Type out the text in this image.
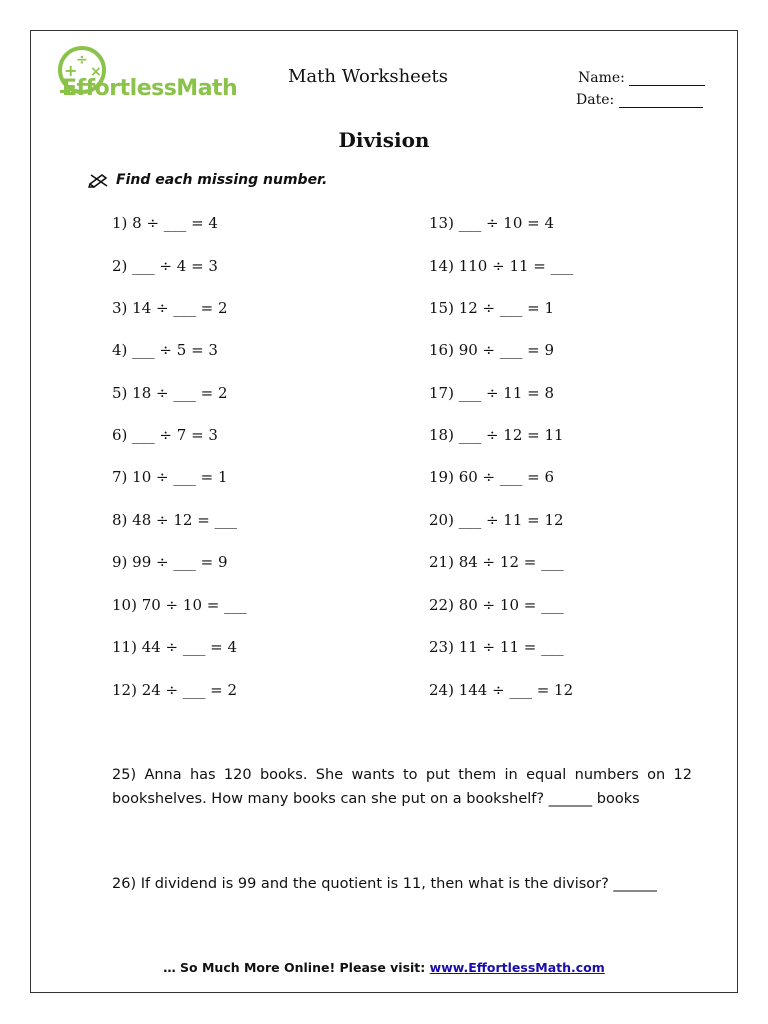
+
÷
×
EffortlessMath	Math Worksheets	Name:
Date:
Division
Find each missing number.
1) 8 ÷ ___ = 4
2) ___ ÷ 4 = 3
3) 14 ÷ ___ = 2
4) ___ ÷ 5 = 3
5) 18 ÷ ___ = 2
6) ___ ÷ 7 = 3
7) 10 ÷ ___ = 1
8) 48 ÷ 12 = ___
9) 99 ÷ ___ = 9
10) 70 ÷ 10 = ___
11) 44 ÷ ___ = 4
12) 24 ÷ ___ = 2
13) ___ ÷ 10 = 4
14) 110 ÷ 11 = ___
15) 12 ÷ ___ = 1
16) 90 ÷ ___ = 9
17) ___ ÷ 11 = 8
18) ___ ÷ 12 = 11
19) 60 ÷ ___ = 6
20) ___ ÷ 11 = 12
21) 84 ÷ 12 = ___
22) 80 ÷ 10 = ___
23) 11 ÷ 11 = ___
24) 144 ÷ ___ = 12
25) Anna has 120 books. She wants to put them in equal numbers on 12 bookshelves. How many books can she put on a bookshelf? ______ books
26) If dividend is 99 and the quotient is 11, then what is the divisor? ______
… So Much More Online! Please visit: www.EffortlessMath.com
